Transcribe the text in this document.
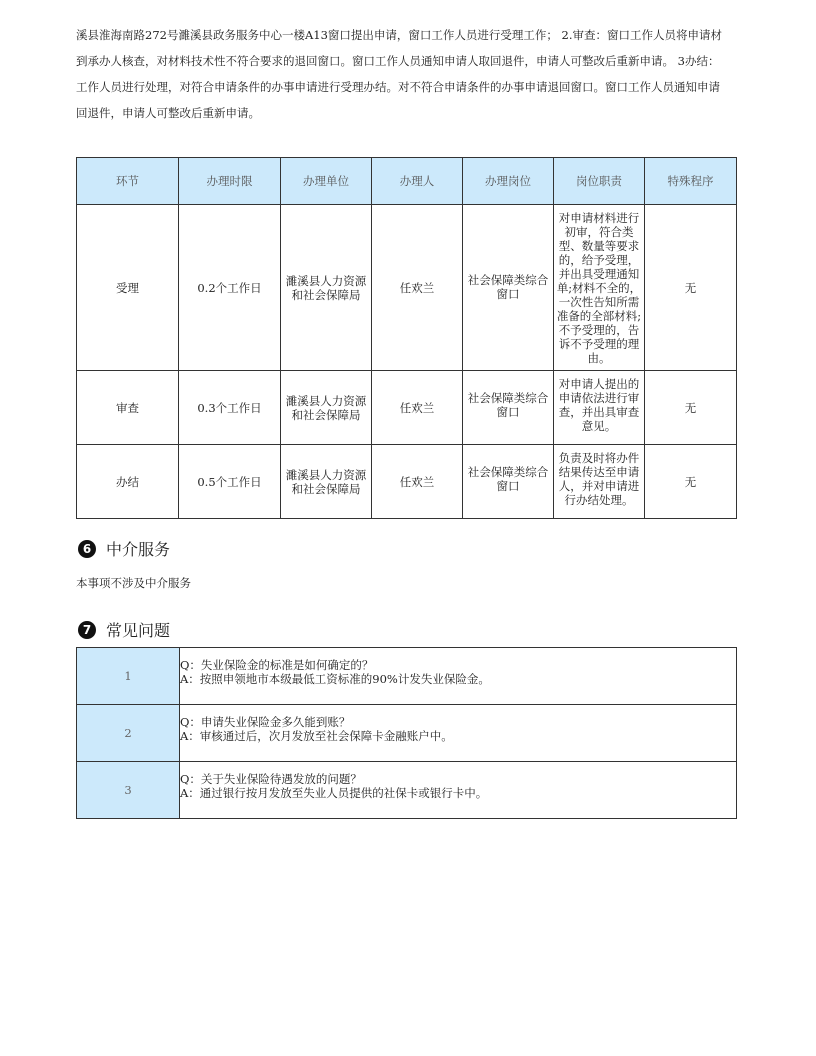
溪县淮海南路272号濉溪县政务服务中心一楼A13窗口提出申请，窗口工作人员进行受理工作； 2.审查：窗口工作人员将申请材
到承办人核查，对材料技术性不符合要求的退回窗口。窗口工作人员通知申请人取回退件，申请人可整改后重新申请。 3办结：
工作人员进行处理，对符合申请条件的办事申请进行受理办结。对不符合申请条件的办事申请退回窗口。窗口工作人员通知申请
回退件，申请人可整改后重新申请。
环节	办理时限	办理单位	办理人	办理岗位	岗位职责	特殊程序
受理	0.2个工作日	濉溪县人力资源和社会保障局	任欢兰	社会保障类综合窗口	对申请材料进行初审，符合类型、数量等要求的，给予受理，并出具受理通知单;材料不全的，一次性告知所需准备的全部材料;不予受理的，告诉不予受理的理由。	无
审查	0.3个工作日	濉溪县人力资源和社会保障局	任欢兰	社会保障类综合窗口	对申请人提出的申请依法进行审查，并出具审查意见。	无
办结	0.5个工作日	濉溪县人力资源和社会保障局	任欢兰	社会保障类综合窗口	负责及时将办件结果传达至申请人，并对申请进行办结处理。	无
6 中介服务
本事项不涉及中介服务
7 常见问题
1	Q：失业保险金的标准是如何确定的？
A：按照申领地市本级最低工资标准的90%计发失业保险金。

2	Q：申请失业保险金多久能到账？
A：审核通过后，次月发放至社会保障卡金融账户中。

3	Q：关于失业保险待遇发放的问题？
A：通过银行按月发放至失业人员提供的社保卡或银行卡中。
